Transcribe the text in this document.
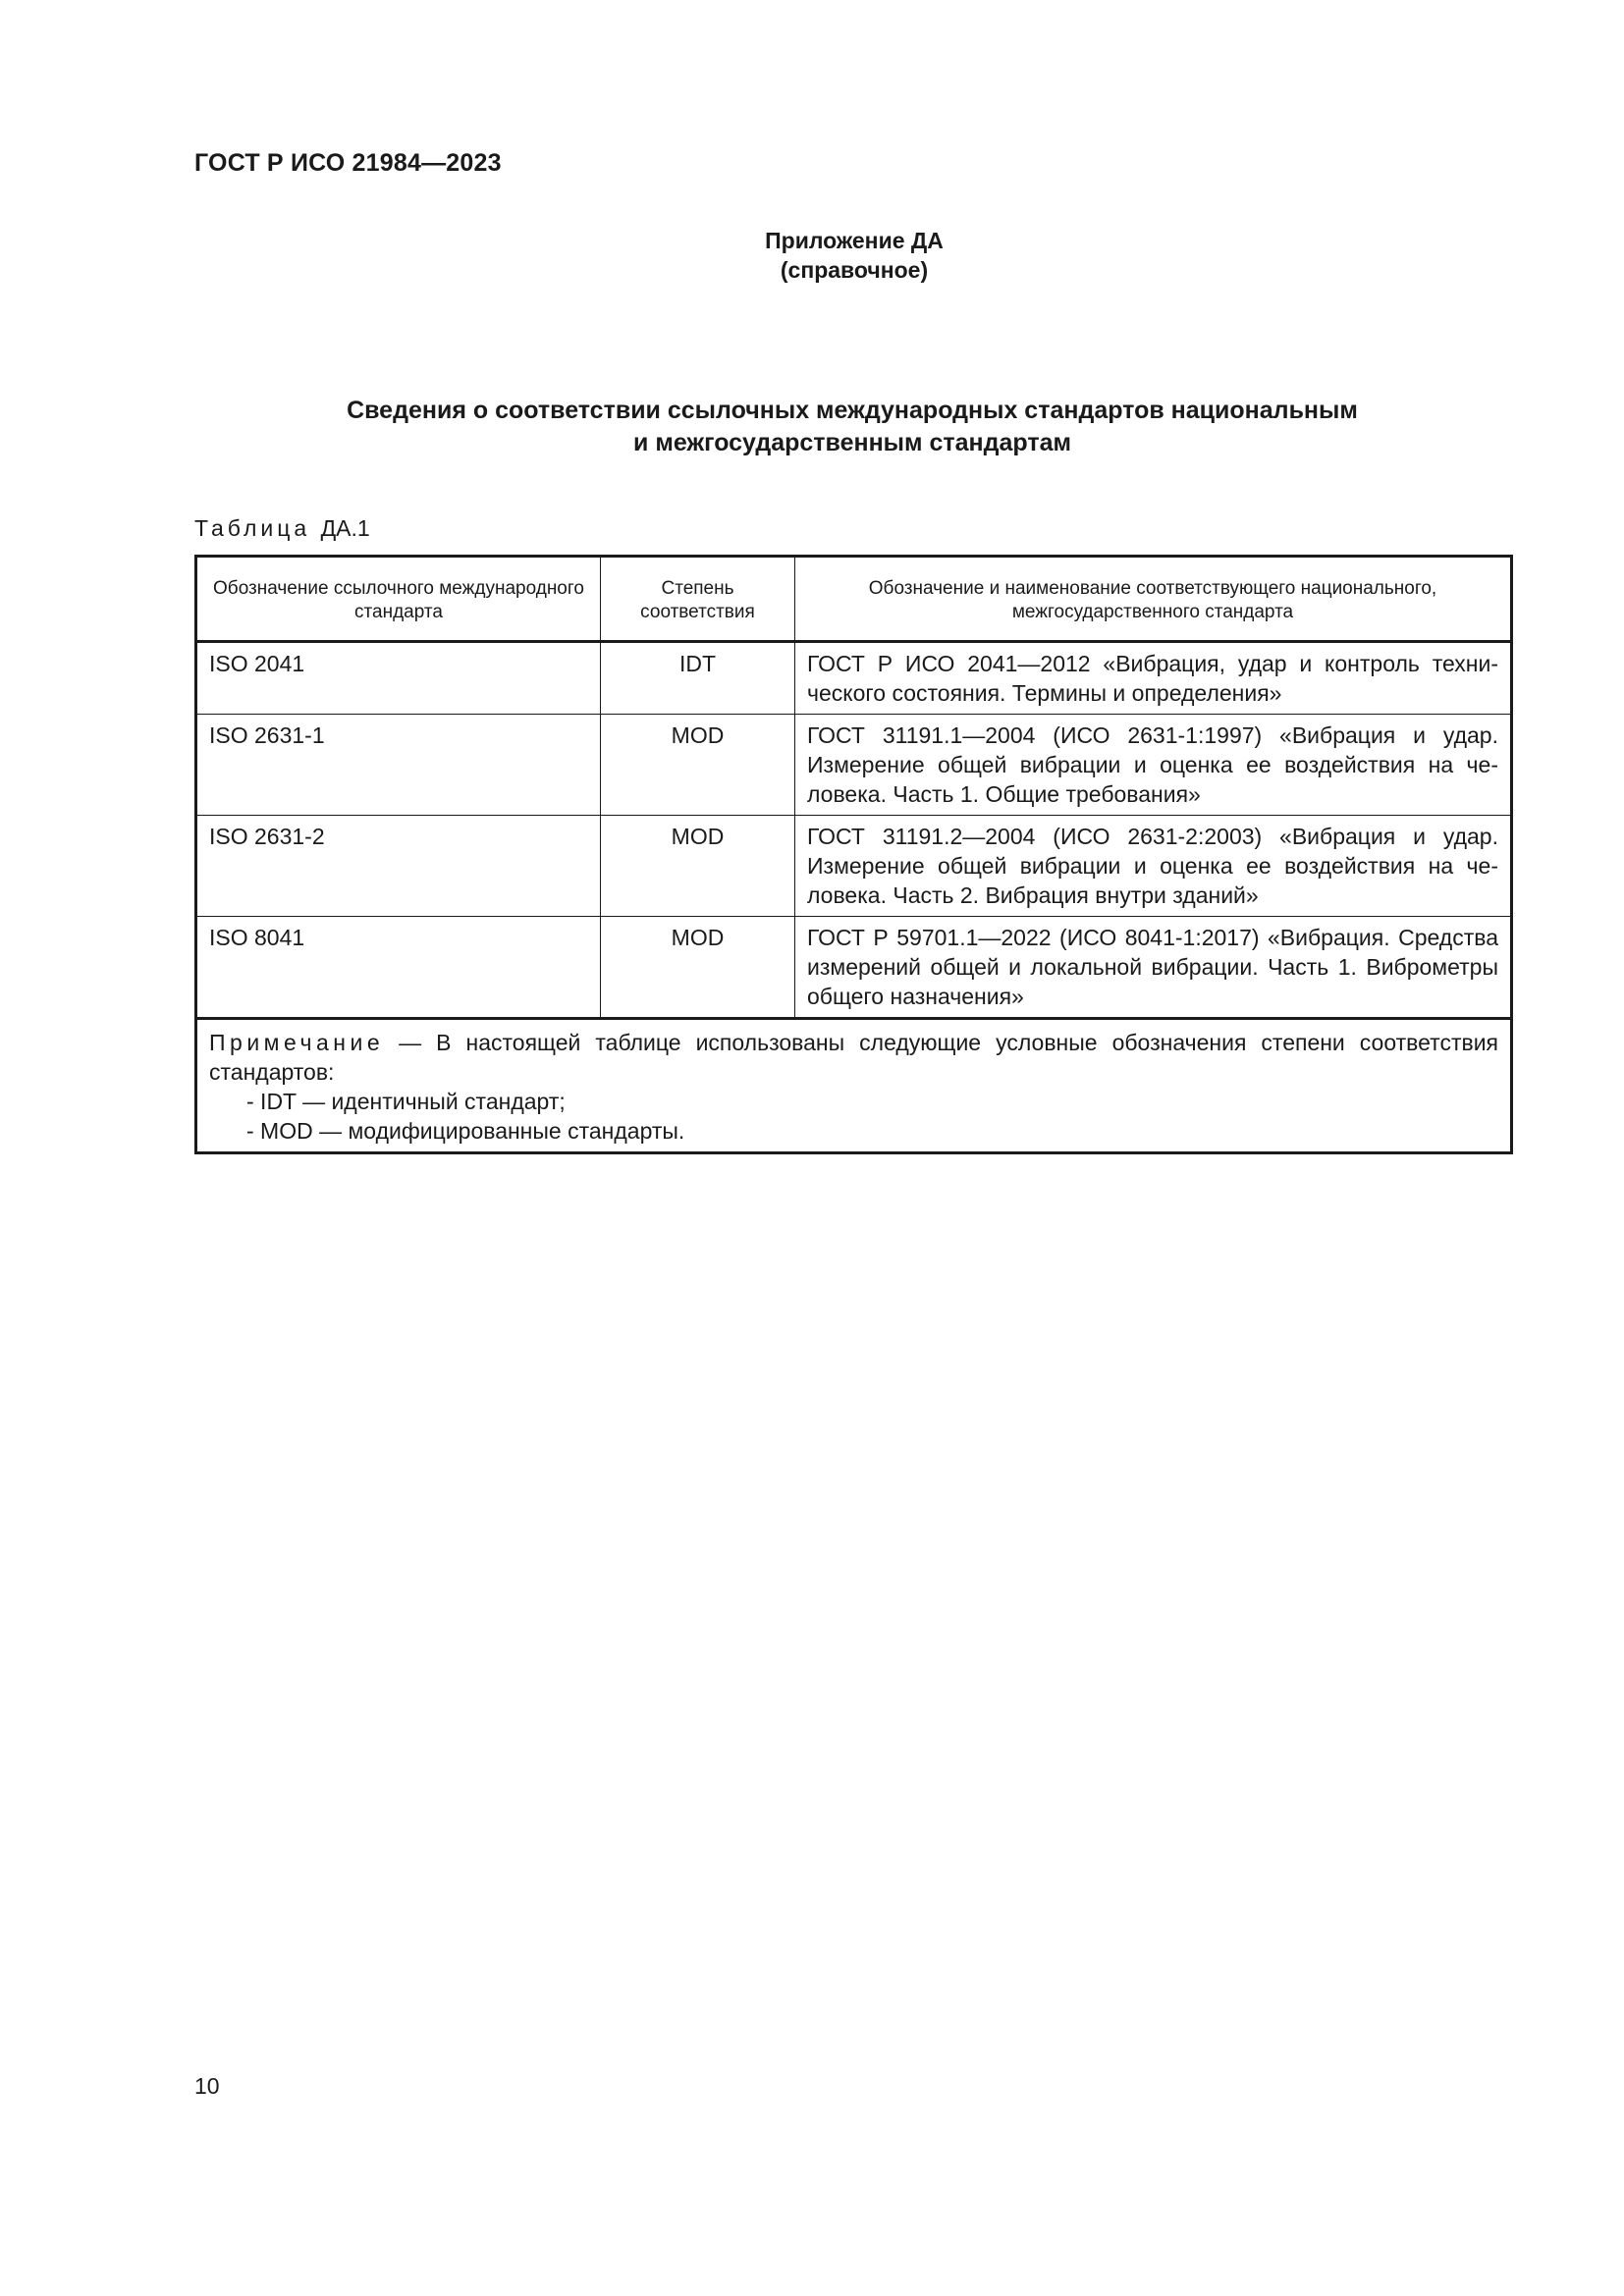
ГОСТ Р ИСО 21984—2023
Приложение ДА
(справочное)
Сведения о соответствии ссылочных международных стандартов национальным
и межгосударственным стандартам
Таблица ДА.1
Обозначение ссылочного международного стандарта	Степень соответствия	Обозначение и наименование соответствующего национального, межгосударственного стандарта
ISO 2041	IDT	ГОСТ Р ИСО 2041—2012 «Вибрация, удар и контроль технического состояния. Термины и определения»
ISO 2631-1	MOD	ГОСТ 31191.1—2004 (ИСО 2631-1:1997) «Вибрация и удар. Измерение общей вибрации и оценка ее воздействия на человека. Часть 1. Общие требования»
ISO 2631-2	MOD	ГОСТ 31191.2—2004 (ИСО 2631-2:2003) «Вибрация и удар. Измерение общей вибрации и оценка ее воздействия на человека. Часть 2. Вибрация внутри зданий»
ISO 8041	MOD	ГОСТ Р 59701.1—2022 (ИСО 8041-1:2017) «Вибрация. Средства измерений общей и локальной вибрации. Часть 1. Виброметры общего назначения»

Примечание — В настоящей таблице использованы следующие условные обозначения степени соответствия стандартов:
- IDT — идентичный стандарт;
- MOD — модифицированные стандарты.		
10
